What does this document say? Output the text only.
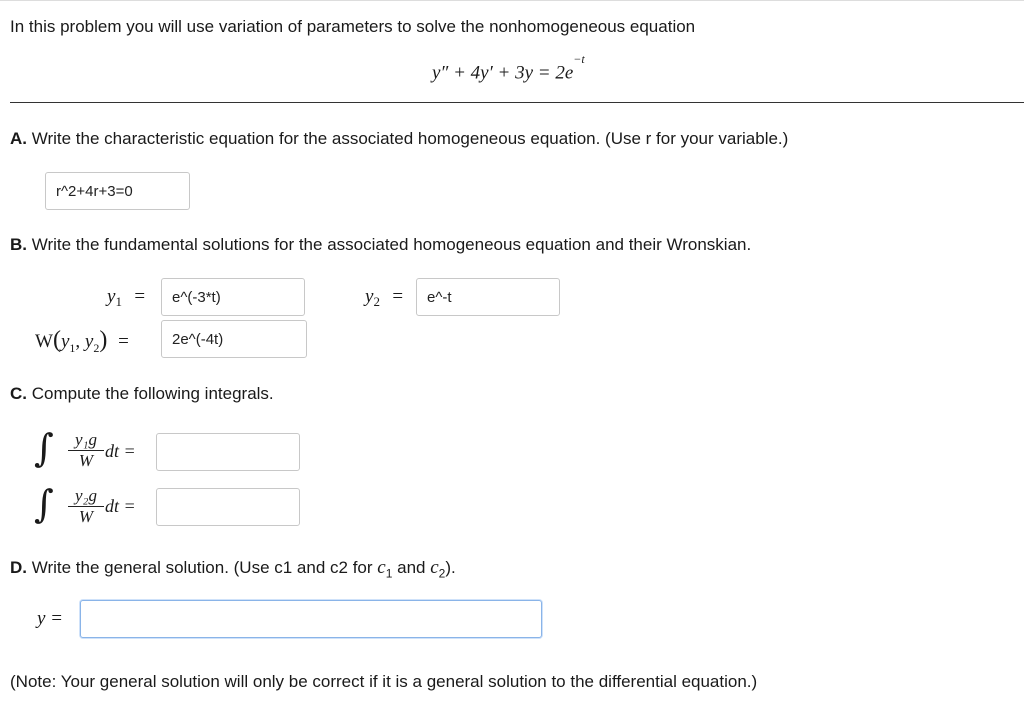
In this problem you will use variation of parameters to solve the nonhomogeneous equation
$y'' + 4y' + 3y = 2e^{-t}$
A. Write the characteristic equation for the associated homogeneous equation. (Use r for your variable.)
r^2+4r+3=0
B. Write the fundamental solutions for the associated homogeneous equation and their Wronskian.
$y_1$ = e^(-3*t)	$y_2$ = e^-t
$W(y_1$, $y_2$) =	2e^(-4t)
C. Compute the following integrals.
∫	y₁g
W dt =
∫	y₂g
W
dt =
D. Write the general solution. (Use c1 and c2 for $c_1$ and $c_2$).
y =
(Note: Your general solution will only be correct if it is a general solution to the differential equation.)
